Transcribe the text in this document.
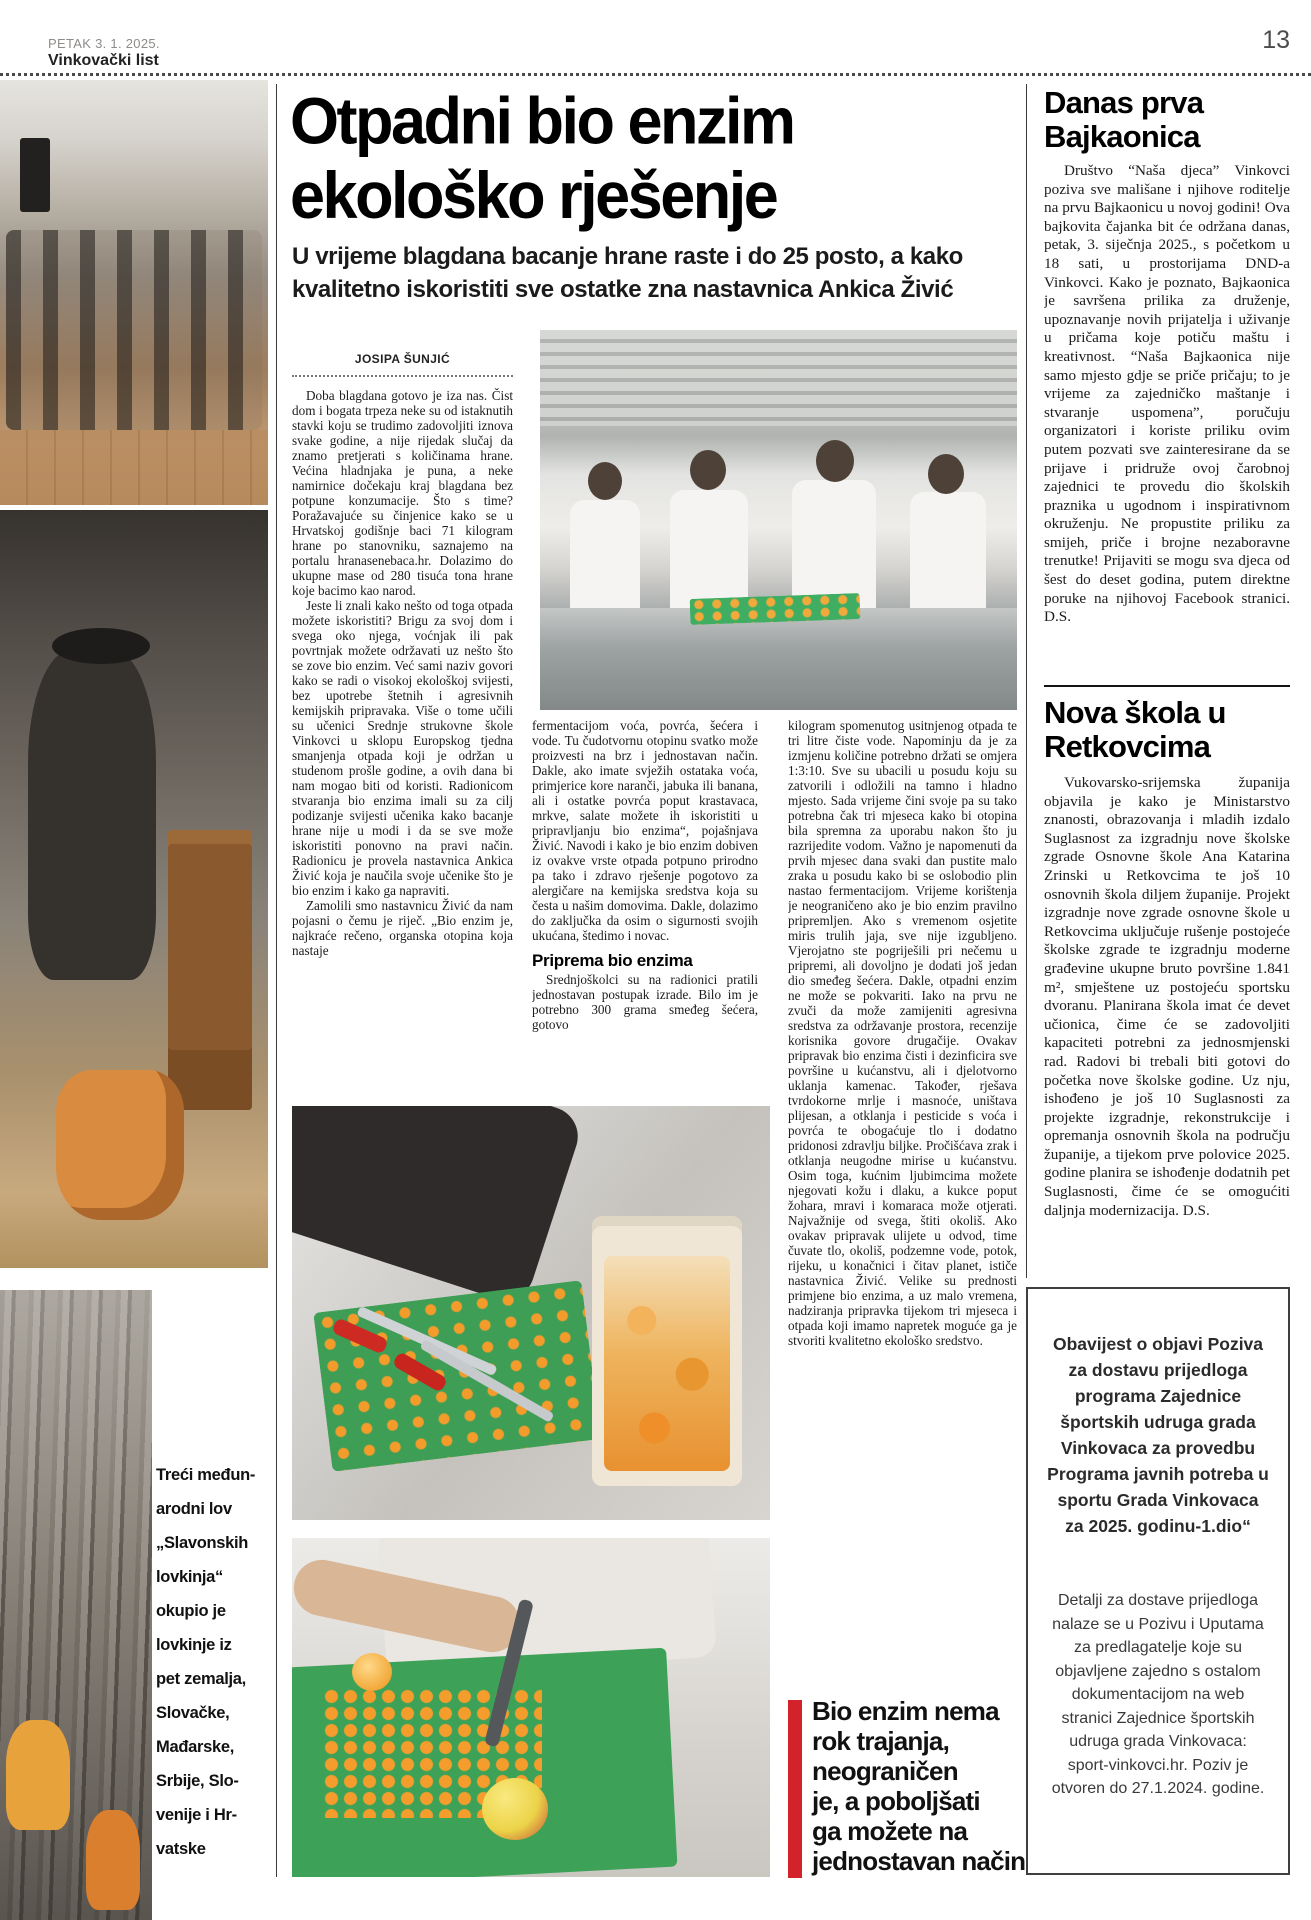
PETAK 3. 1. 2025.
Vinkovački list
13
Treći međun-
arodni lov
„Slavonskih
lovkinja“
okupio je
lovkinje iz
pet zemalja,
Slovačke,
Mađarske,
Srbije, Slo-
venije i Hr-
vatske
Otpadni bio enzim
ekološko rješenje
U vrijeme blagdana bacanje hrane raste i do 25 posto, a kako kvalitetno iskoristiti sve ostatke zna nastavnica Ankica Živić
JOSIPA ŠUNJIĆ

Doba blagdana gotovo je iza nas. Čist dom i bogata trpeza neke su od istaknutih stavki koju se trudimo zadovoljiti iznova svake godine, a nije rijedak slučaj da znamo pretjerati s količinama hrane. Većina hladnjaka je puna, a neke namirnice dočekaju kraj blagdana bez potpune konzumacije. Što s time? Poražavajuće su činjenice kako se u Hrvatskoj godišnje baci 71 kilogram hrane po stanovniku, saznajemo na portalu hranasenebaca.hr. Dolazimo do ukupne mase od 280 tisuća tona hrane koje bacimo kao narod.

Jeste li znali kako nešto od toga otpada možete iskoristiti? Brigu za svoj dom i svega oko njega, voćnjak ili pak povrtnjak možete održavati uz nešto što se zove bio enzim. Već sami naziv govori kako se radi o visokoj ekološkoj svijesti, bez upotrebe štetnih i agresivnih kemijskih pripravaka. Više o tome učili su učenici Srednje strukovne škole Vinkovci u sklopu Europskog tjedna smanjenja otpada koji je održan u studenom prošle godine, a ovih dana bi nam mogao biti od koristi. Radionicom stvaranja bio enzima imali su za cilj podizanje svijesti učenika kako bacanje hrane nije u modi i da se sve može iskoristiti ponovno na pravi način. Radionicu je provela nastavnica Ankica Živić koja je naučila svoje učenike što je bio enzim i kako ga napraviti.

Zamolili smo nastavnicu Živić da nam pojasni o čemu je riječ. „Bio enzim je, najkraće rečeno, organska otopina koja nastaje

fermentacijom voća, povrća, šećera i vode. Tu čudotvornu otopinu svatko može proizvesti na brz i jednostavan način. Dakle, ako imate svježih ostataka voća, primjerice kore naranči, jabuka ili banana, ali i ostatke povrća poput krastavaca, mrkve, salate možete ih iskoristiti u pripravljanju bio enzima“, pojašnjava Živić. Navodi i kako je bio enzim dobiven iz ovakve vrste otpada potpuno prirodno pa tako i zdravo rješenje pogotovo za alergičare na kemijska sredstva koja su česta u našim domovima. Dakle, dolazimo do zaključka da osim o sigurnosti svojih ukućana, štedimo i novac.

Priprema bio enzima

Srednjoškolci su na radionici pratili jednostavan postupak izrade. Bilo im je potrebno 300 grama smeđeg šećera, gotovo

kilogram spomenutog usitnjenog otpada te tri litre čiste vode. Napominju da je za izmjenu količine potrebno držati se omjera 1:3:10. Sve su ubacili u posudu koju su zatvorili i odložili na tamno i hladno mjesto. Sada vrijeme čini svoje pa su tako potrebna čak tri mjeseca kako bi otopina bila spremna za uporabu nakon što ju razrijedite vodom. Važno je napomenuti da prvih mjesec dana svaki dan pustite malo zraka u posudu kako bi se oslobodio plin nastao fermentacijom. Vrijeme korištenja je neograničeno ako je bio enzim pravilno pripremljen. Ako s vremenom osjetite miris trulih jaja, sve nije izgubljeno. Vjerojatno ste pogriješili pri nečemu u pripremi, ali dovoljno je dodati još jedan dio smeđeg šećera. Dakle, otpadni enzim ne može se pokvariti. Iako na prvu ne zvuči da može zamijeniti agresivna sredstva za održavanje prostora, recenzije korisnika govore drugačije. Ovakav pripravak bio enzima čisti i dezinficira sve površine u kućanstvu, ali i djelotvorno uklanja kamenac. Također, rješava tvrdokorne mrlje i masnoće, uništava plijesan, a otklanja i pesticide s voća i povrća te obogaćuje tlo i dodatno pridonosi zdravlju biljke. Pročišćava zrak i otklanja neugodne mirise u kućanstvu. Osim toga, kućnim ljubimcima možete njegovati kožu i dlaku, a kukce poput žohara, mravi i komaraca može otjerati. Najvažnije od svega, štiti okoliš. Ako ovakav pripravak ulijete u odvod, time čuvate tlo, okoliš, podzemne vode, potok, rijeku, u konačnici i čitav planet, ističe nastavnica Živić. Velike su prednosti primjene bio enzima, a uz malo vremena, nadziranja pripravka tijekom tri mjeseca i otpada koji imamo napretek moguće ga je stvoriti kvalitetno ekološko sredstvo.

Bio enzim nema
rok trajanja,
neograničen
je, a poboljšati
ga možete na
jednostavan način
Danas prva Bajkaonica

Društvo “Naša djeca” Vinkovci poziva sve mališane i njihove roditelje na prvu Bajkaonicu u novoj godini! Ova bajkovita čajanka bit će održana danas, petak, 3. siječnja 2025., s početkom u 18 sati, u prostorijama DND-a Vinkovci. Kako je poznato, Bajkaonica je savršena prilika za druženje, upoznavanje novih prijatelja i uživanje u pričama koje potiču maštu i kreativnost. “Naša Bajkaonica nije samo mjesto gdje se priče pričaju; to je vrijeme za zajedničko maštanje i stvaranje uspomena”, poručuju organizatori i koriste priliku ovim putem pozvati sve zainteresirane da se prijave i pridruže ovoj čarobnoj zajednici te provedu dio školskih praznika u ugodnom i inspirativnom okruženju. Ne propustite priliku za smijeh, priče i brojne nezaboravne trenutke! Prijaviti se mogu sva djeca od šest do deset godina, putem direktne poruke na njihovoj Facebook stranici. D.S.

Nova škola u Retkovcima

Vukovarsko-srijemska županija objavila je kako je Ministarstvo znanosti, obrazovanja i mladih izdalo Suglasnost za izgradnju nove školske zgrade Osnovne škole Ana Katarina Zrinski u Retkovcima te još 10 osnovnih škola diljem županije. Projekt izgradnje nove zgrade osnovne škole u Retkovcima uključuje rušenje postojeće školske zgrade te izgradnju moderne građevine ukupne bruto površine 1.841 m², smještene uz postojeću sportsku dvoranu. Planirana škola imat će devet učionica, čime će se zadovoljiti kapaciteti potrebni za jednosmjenski rad. Radovi bi trebali biti gotovi do početka nove školske godine. Uz nju, ishođeno je još 10 Suglasnosti za projekte izgradnje, rekonstrukcije i opremanja osnovnih škola na području županije, a tijekom prve polovice 2025. godine planira se ishođenje dodatnih pet Suglasnosti, čime će se omogućiti daljnja modernizacija. D.S.

Obavijest o objavi Poziva za dostavu prijedloga programa Zajednice športskih udruga grada Vinkovaca za provedbu Programa javnih potreba u sportu Grada Vinkovaca za 2025. godinu-1.dio“
Detalji za dostave prijedloga nalaze se u Pozivu i Uputama za predlagatelje koje su objavljene zajedno s ostalom dokumentacijom na web stranici Zajednice športskih udruga grada Vinkovaca: sport-vinkovci.hr. Poziv je otvoren do 27.1.2024. godine.
